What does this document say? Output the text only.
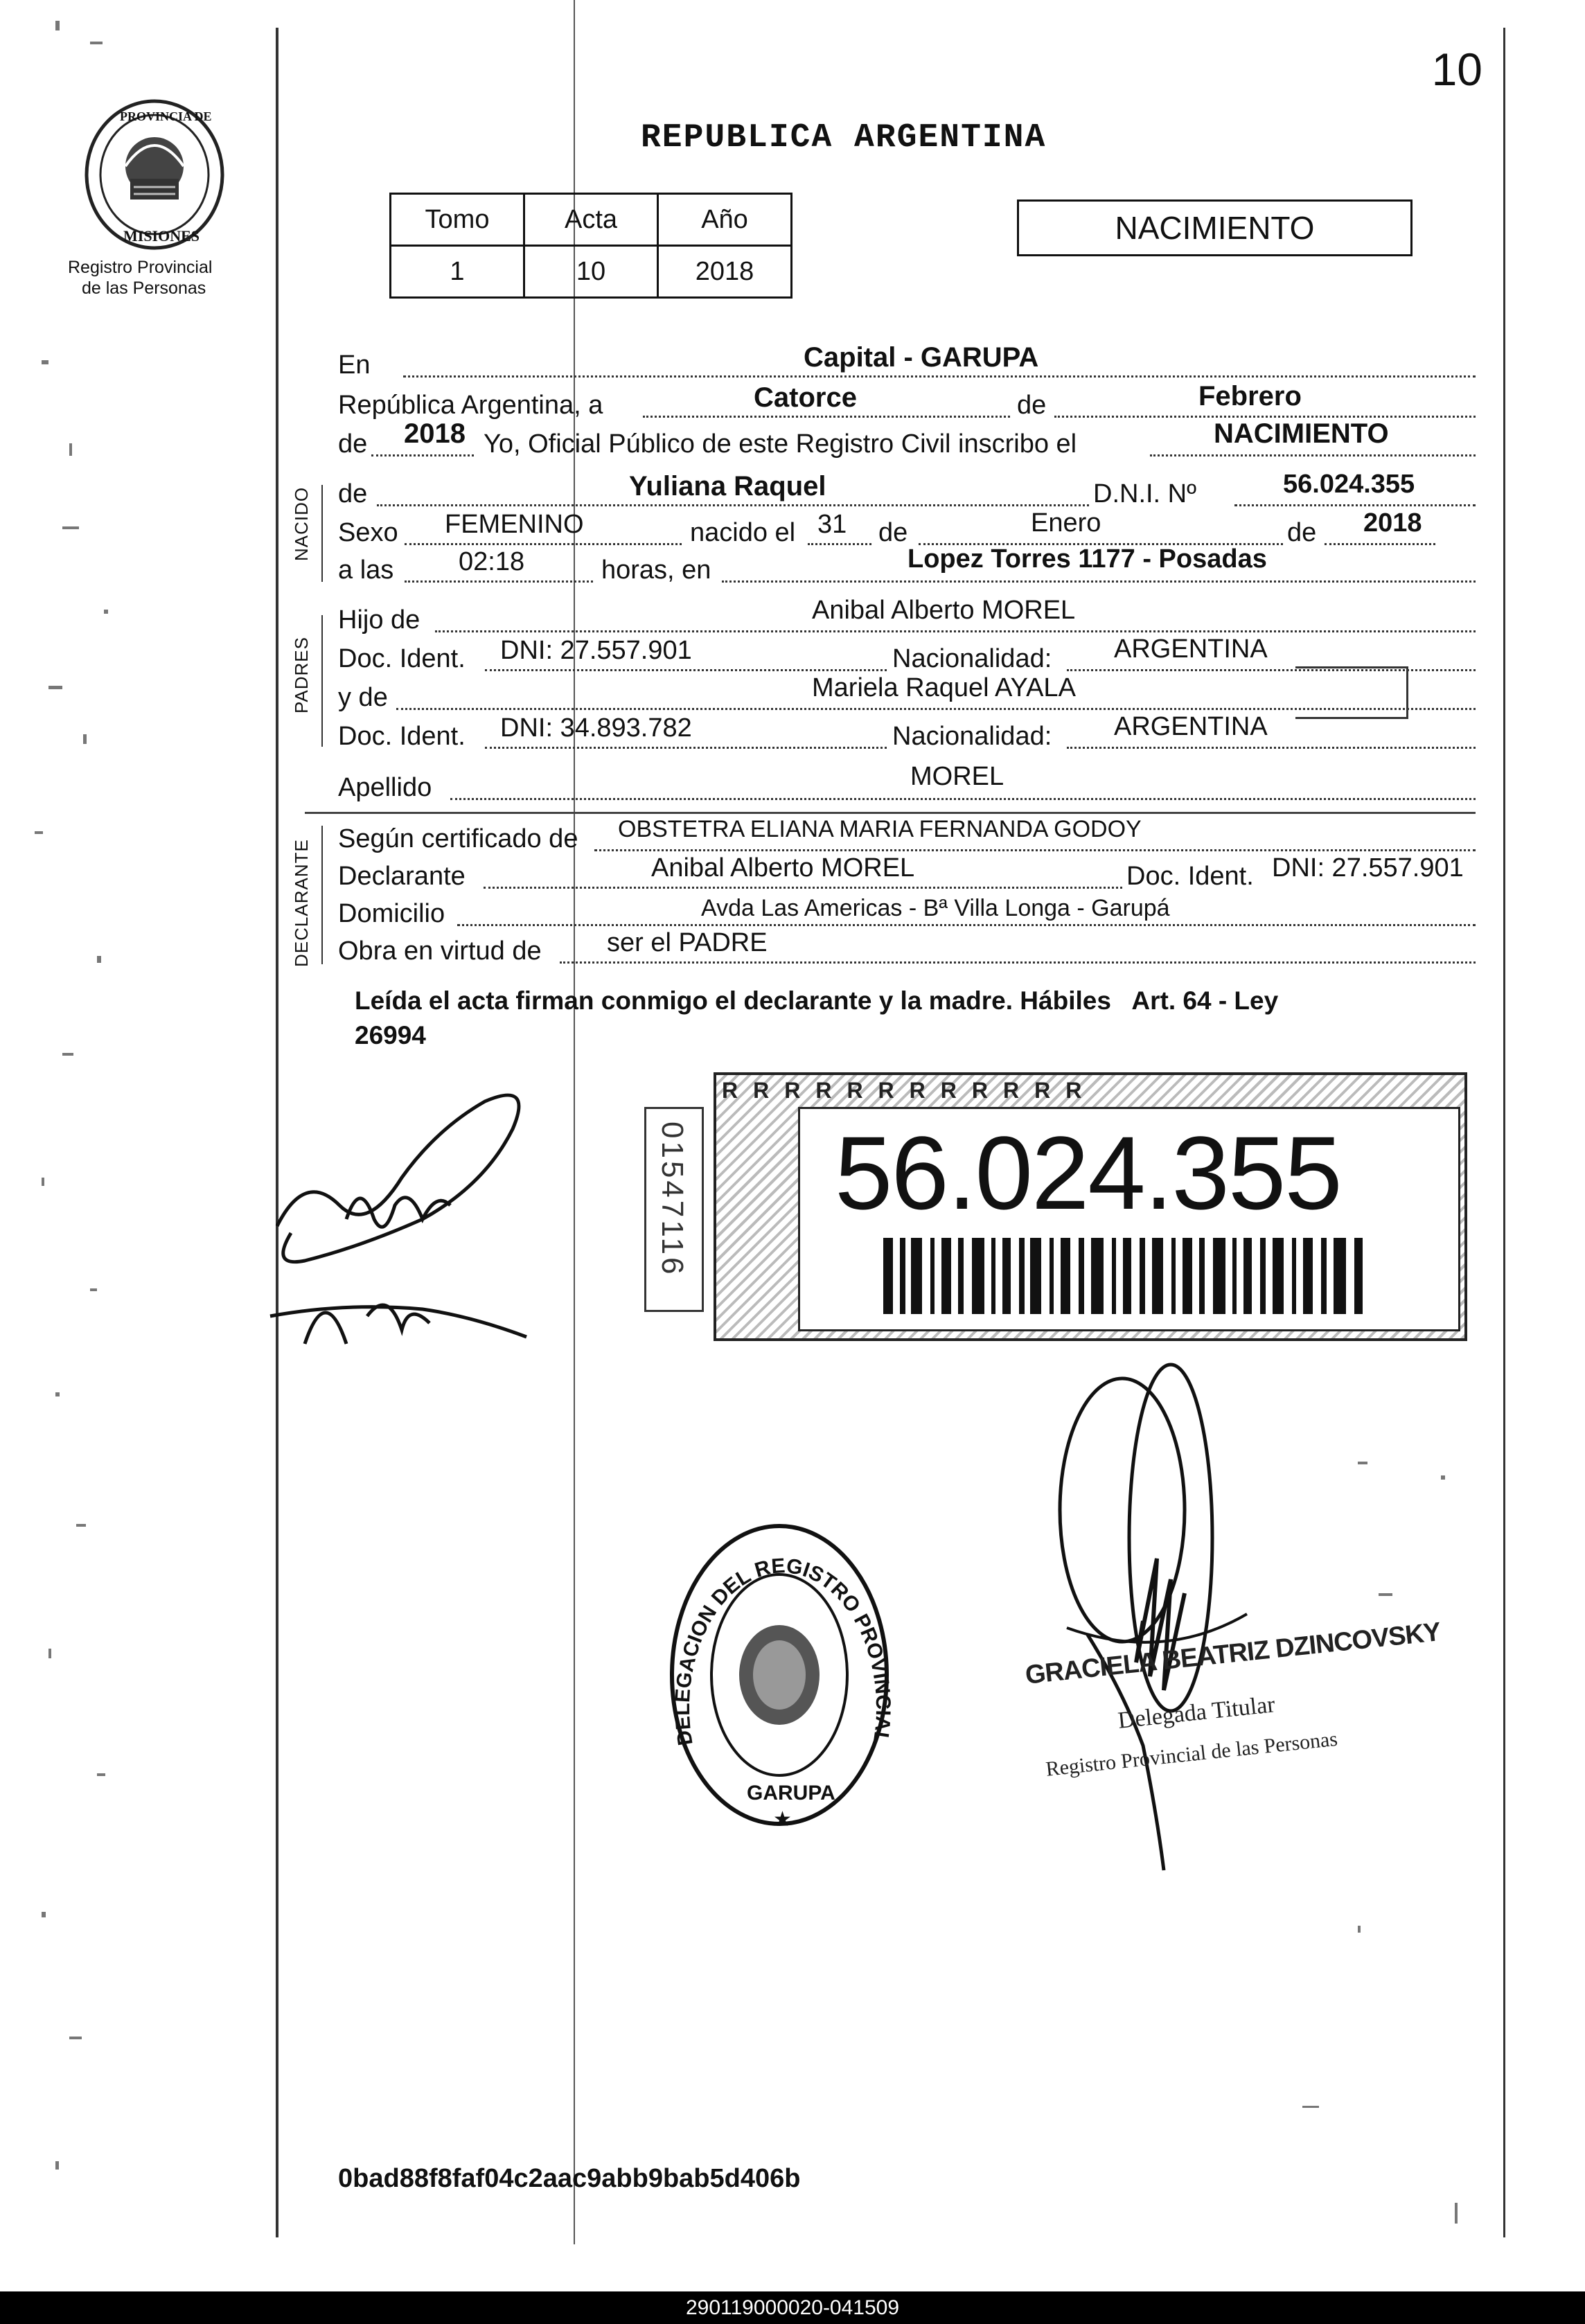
10
PROVINCIA DE
MISIONES
Registro Provincial
de las Personas
REPUBLICA ARGENTINA
Tomo	Acta	Año
1	10	2018
NACIMIENTO
En	Capital - GARUPA
República Argentina, a	Catorce	de	Febrero
de 2018 Yo, Oficial Público de este Registro Civil inscribo el	NACIMIENTO
NACIDO de	Yuliana Raquel	D.N.I. Nº	56.024.355
Sexo FEMENINO	nacido el 31 de	Enero	de 2018
a las 02:18	horas, en	Lopez Torres 1177 - Posadas
PADRES
Hijo de	Anibal Alberto MOREL
Doc. Ident. DNI: 27.557.901	Nacionalidad: ARGENTINA
y de	Mariela Raquel AYALA
Doc. Ident. DNI: 34.893.782	Nacionalidad: ARGENTINA
Apellido	MOREL
DECLARANTE
Según certificado de OBSTETRA ELIANA MARIA FERNANDA GODOY
Declarante	Anibal Alberto MOREL	Doc. Ident. DNI: 27.557.901
Domicilio	Avda Las Americas - Bª Villa Longa - Garupá
Obra en virtud de ser el PADRE
Leída el acta firman conmigo el declarante y la madre. Hábiles   Art. 64 - Ley
26994
RRRRRRRRRRRR
56.024.355
01547116
DELEGACION DEL REGISTRO PROVINCIAL
GARUPA
★
GRACIELA BEATRIZ DZINCOVSKY
Delegada Titular
Registro Provincial de las Personas
0bad88f8faf04c2aac9abb9bab5d406b
290119000020-041509
